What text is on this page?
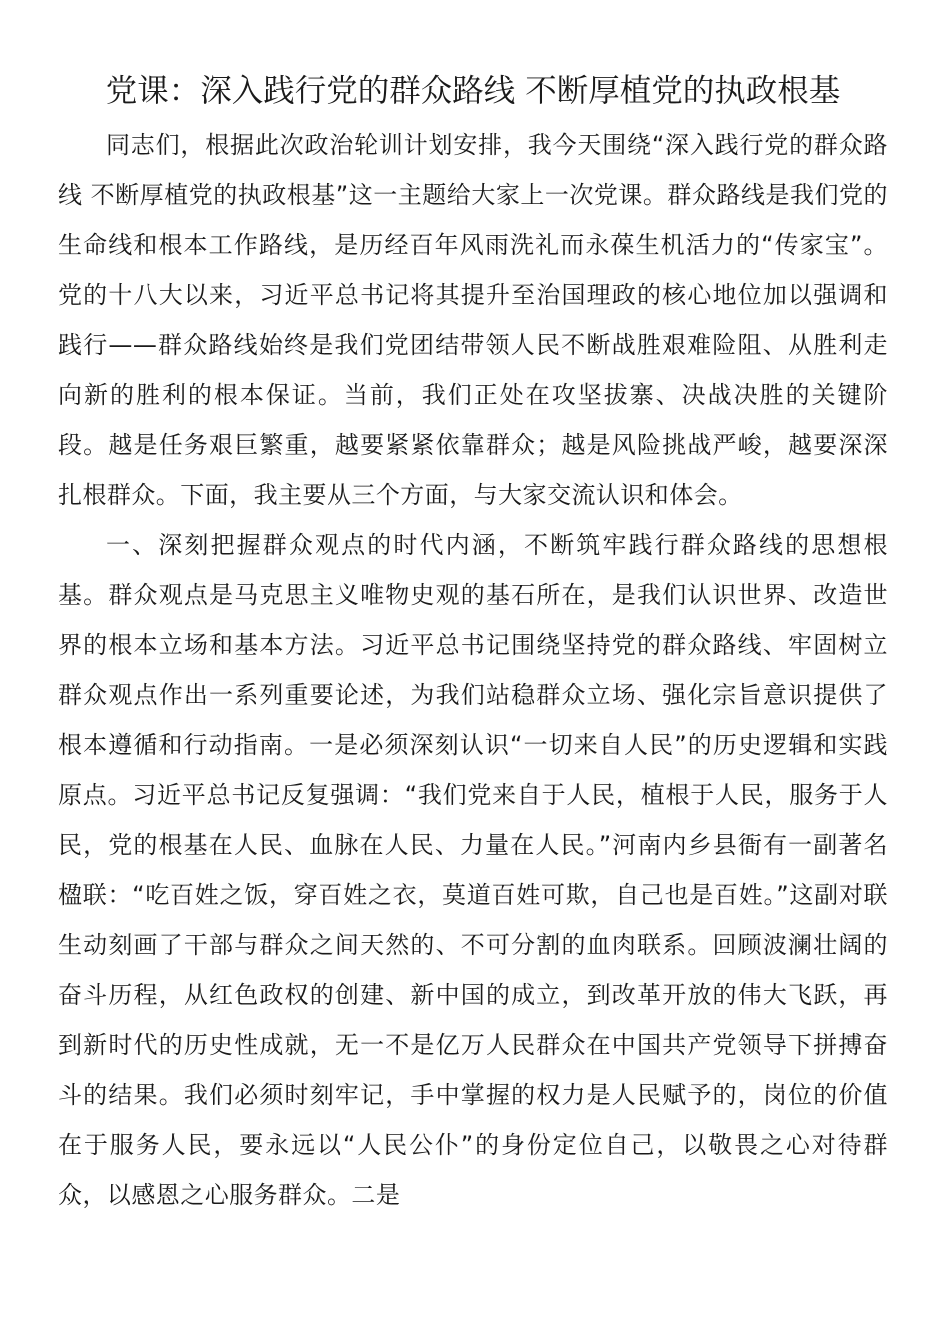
党课：深入践行党的群众路线 不断厚植党的执政根基

同志们，根据此次政治轮训计划安排，我今天围绕“深入践行党的群众路线 不断厚植党的执政根基”这一主题给大家上一次党课。群众路线是我们党的生命线和根本工作路线，是历经百年风雨洗礼而永葆生机活力的“传家宝”。党的十八大以来，习近平总书记将其提升至治国理政的核心地位加以强调和践行——群众路线始终是我们党团结带领人民不断战胜艰难险阻、从胜利走向新的胜利的根本保证。当前，我们正处在攻坚拔寨、决战决胜的关键阶段。越是任务艰巨繁重，越要紧紧依靠群众；越是风险挑战严峻，越要深深扎根群众。下面，我主要从三个方面，与大家交流认识和体会。

一、深刻把握群众观点的时代内涵，不断筑牢践行群众路线的思想根基。群众观点是马克思主义唯物史观的基石所在，是我们认识世界、改造世界的根本立场和基本方法。习近平总书记围绕坚持党的群众路线、牢固树立群众观点作出一系列重要论述，为我们站稳群众立场、强化宗旨意识提供了根本遵循和行动指南。一是必须深刻认识“一切来自人民”的历史逻辑和实践原点。习近平总书记反复强调：“我们党来自于人民，植根于人民，服务于人民，党的根基在人民、血脉在人民、力量在人民。”河南内乡县衙有一副著名楹联：“吃百姓之饭，穿百姓之衣，莫道百姓可欺，自己也是百姓。”这副对联生动刻画了干部与群众之间天然的、不可分割的血肉联系。回顾波澜壮阔的奋斗历程，从红色政权的创建、新中国的成立，到改革开放的伟大飞跃，再到新时代的历史性成就，无一不是亿万人民群众在中国共产党领导下拼搏奋斗的结果。我们必须时刻牢记，手中掌握的权力是人民赋予的，岗位的价值在于服务人民，要永远以“人民公仆”的身份定位自己，以敬畏之心对待群众，以感恩之心服务群众。二是
